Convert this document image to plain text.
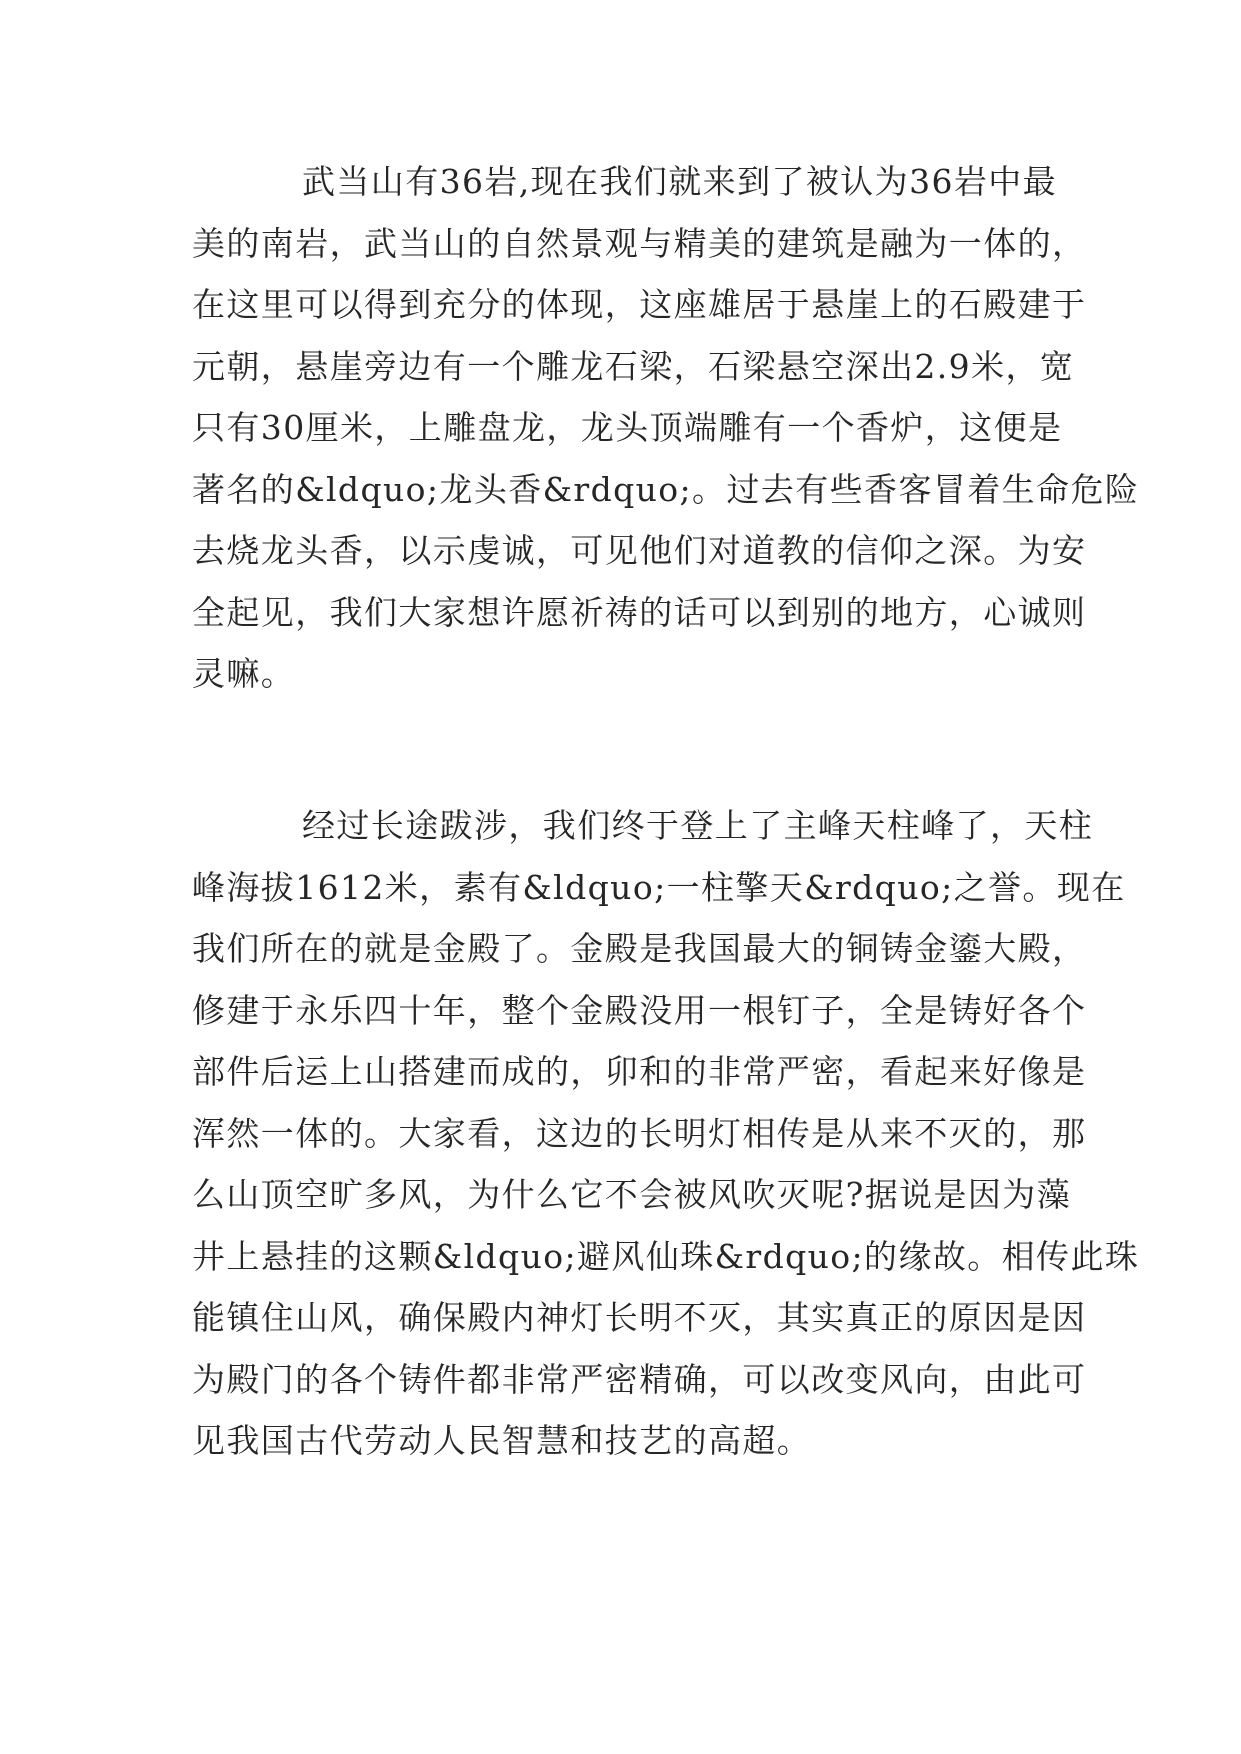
武当山有36岩,现在我们就来到了被认为36岩中最
美的南岩，武当山的自然景观与精美的建筑是融为一体的，
在这里可以得到充分的体现，这座雄居于悬崖上的石殿建于
元朝，悬崖旁边有一个雕龙石梁，石梁悬空深出2.9米，宽
只有30厘米，上雕盘龙，龙头顶端雕有一个香炉，这便是
著名的&ldquo;龙头香&rdquo;。过去有些香客冒着生命危险
去烧龙头香，以示虔诚，可见他们对道教的信仰之深。为安
全起见，我们大家想许愿祈祷的话可以到别的地方，心诚则
灵嘛。
经过长途跋涉，我们终于登上了主峰天柱峰了，天柱
峰海拔1612米，素有&ldquo;一柱擎天&rdquo;之誉。现在
我们所在的就是金殿了。金殿是我国最大的铜铸金鎏大殿，
修建于永乐四十年，整个金殿没用一根钉子，全是铸好各个
部件后运上山搭建而成的，卯和的非常严密，看起来好像是
浑然一体的。大家看，这边的长明灯相传是从来不灭的，那
么山顶空旷多风，为什么它不会被风吹灭呢?据说是因为藻
井上悬挂的这颗&ldquo;避风仙珠&rdquo;的缘故。相传此珠
能镇住山风，确保殿内神灯长明不灭，其实真正的原因是因
为殿门的各个铸件都非常严密精确，可以改变风向，由此可
见我国古代劳动人民智慧和技艺的高超。
